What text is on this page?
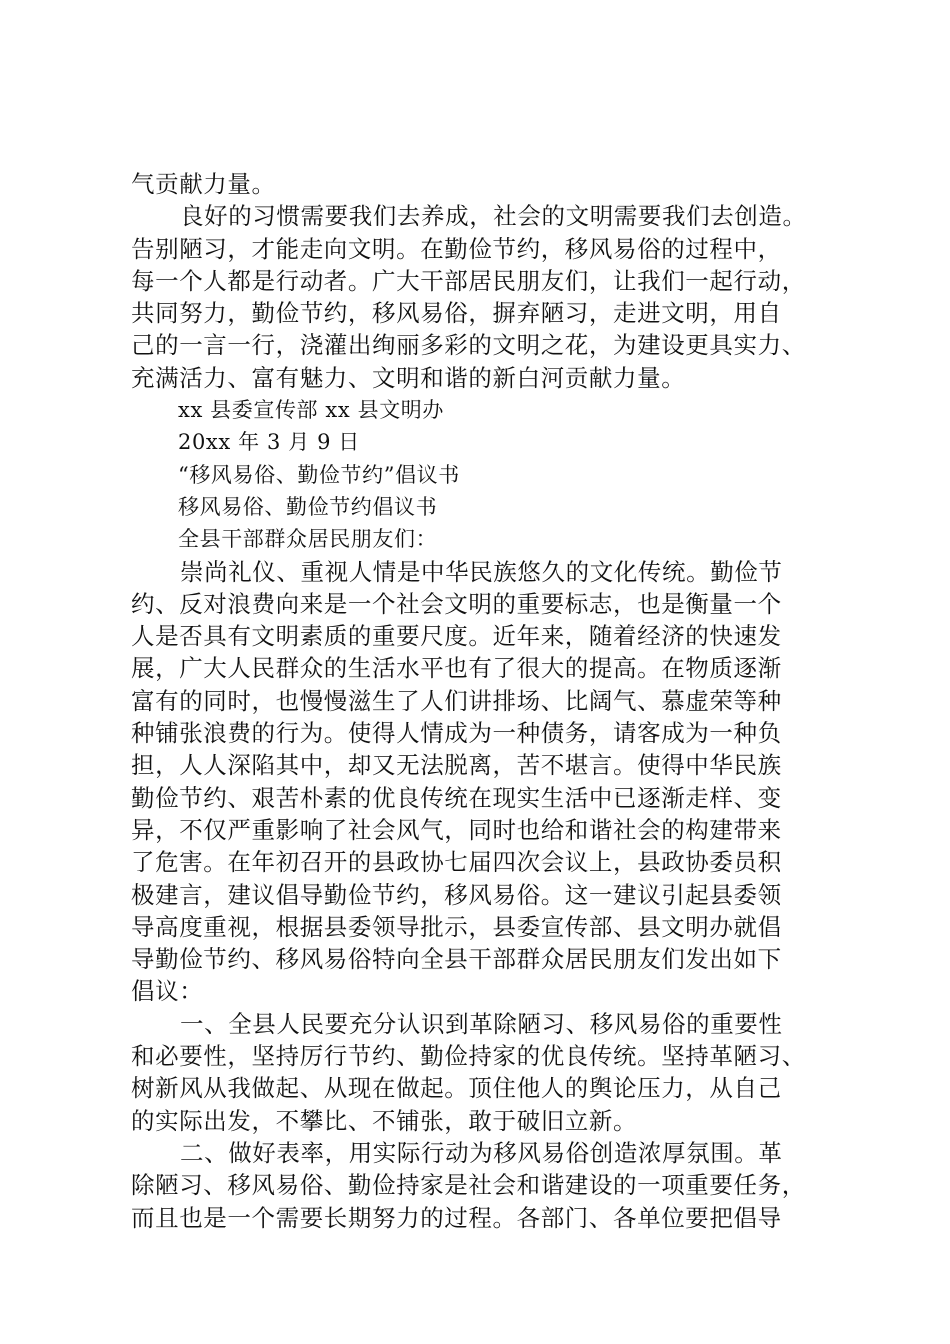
气贡献力量。
良好的习惯需要我们去养成，社会的文明需要我们去创造。
告别陋习，才能走向文明。在勤俭节约，移风易俗的过程中，
每一个人都是行动者。广大干部居民朋友们，让我们一起行动，
共同努力，勤俭节约，移风易俗，摒弃陋习，走进文明，用自
己的一言一行，浇灌出绚丽多彩的文明之花，为建设更具实力、
充满活力、富有魅力、文明和谐的新白河贡献力量。
xx 县委宣传部 xx 县文明办
20xx 年 3 月 9 日
“移风易俗、勤俭节约”倡议书
移风易俗、勤俭节约倡议书
全县干部群众居民朋友们：
崇尚礼仪、重视人情是中华民族悠久的文化传统。勤俭节
约、反对浪费向来是一个社会文明的重要标志，也是衡量一个
人是否具有文明素质的重要尺度。近年来，随着经济的快速发
展，广大人民群众的生活水平也有了很大的提高。在物质逐渐
富有的同时，也慢慢滋生了人们讲排场、比阔气、慕虚荣等种
种铺张浪费的行为。使得人情成为一种债务，请客成为一种负
担，人人深陷其中，却又无法脱离，苦不堪言。使得中华民族
勤俭节约、艰苦朴素的优良传统在现实生活中已逐渐走样、变
异，不仅严重影响了社会风气，同时也给和谐社会的构建带来
了危害。在年初召开的县政协七届四次会议上，县政协委员积
极建言，建议倡导勤俭节约，移风易俗。这一建议引起县委领
导高度重视，根据县委领导批示，县委宣传部、县文明办就倡
导勤俭节约、移风易俗特向全县干部群众居民朋友们发出如下
倡议：
一、全县人民要充分认识到革除陋习、移风易俗的重要性
和必要性，坚持厉行节约、勤俭持家的优良传统。坚持革陋习、
树新风从我做起、从现在做起。顶住他人的舆论压力，从自己
的实际出发，不攀比、不铺张，敢于破旧立新。
二、做好表率，用实际行动为移风易俗创造浓厚氛围。革
除陋习、移风易俗、勤俭持家是社会和谐建设的一项重要任务，
而且也是一个需要长期努力的过程。各部门、各单位要把倡导
